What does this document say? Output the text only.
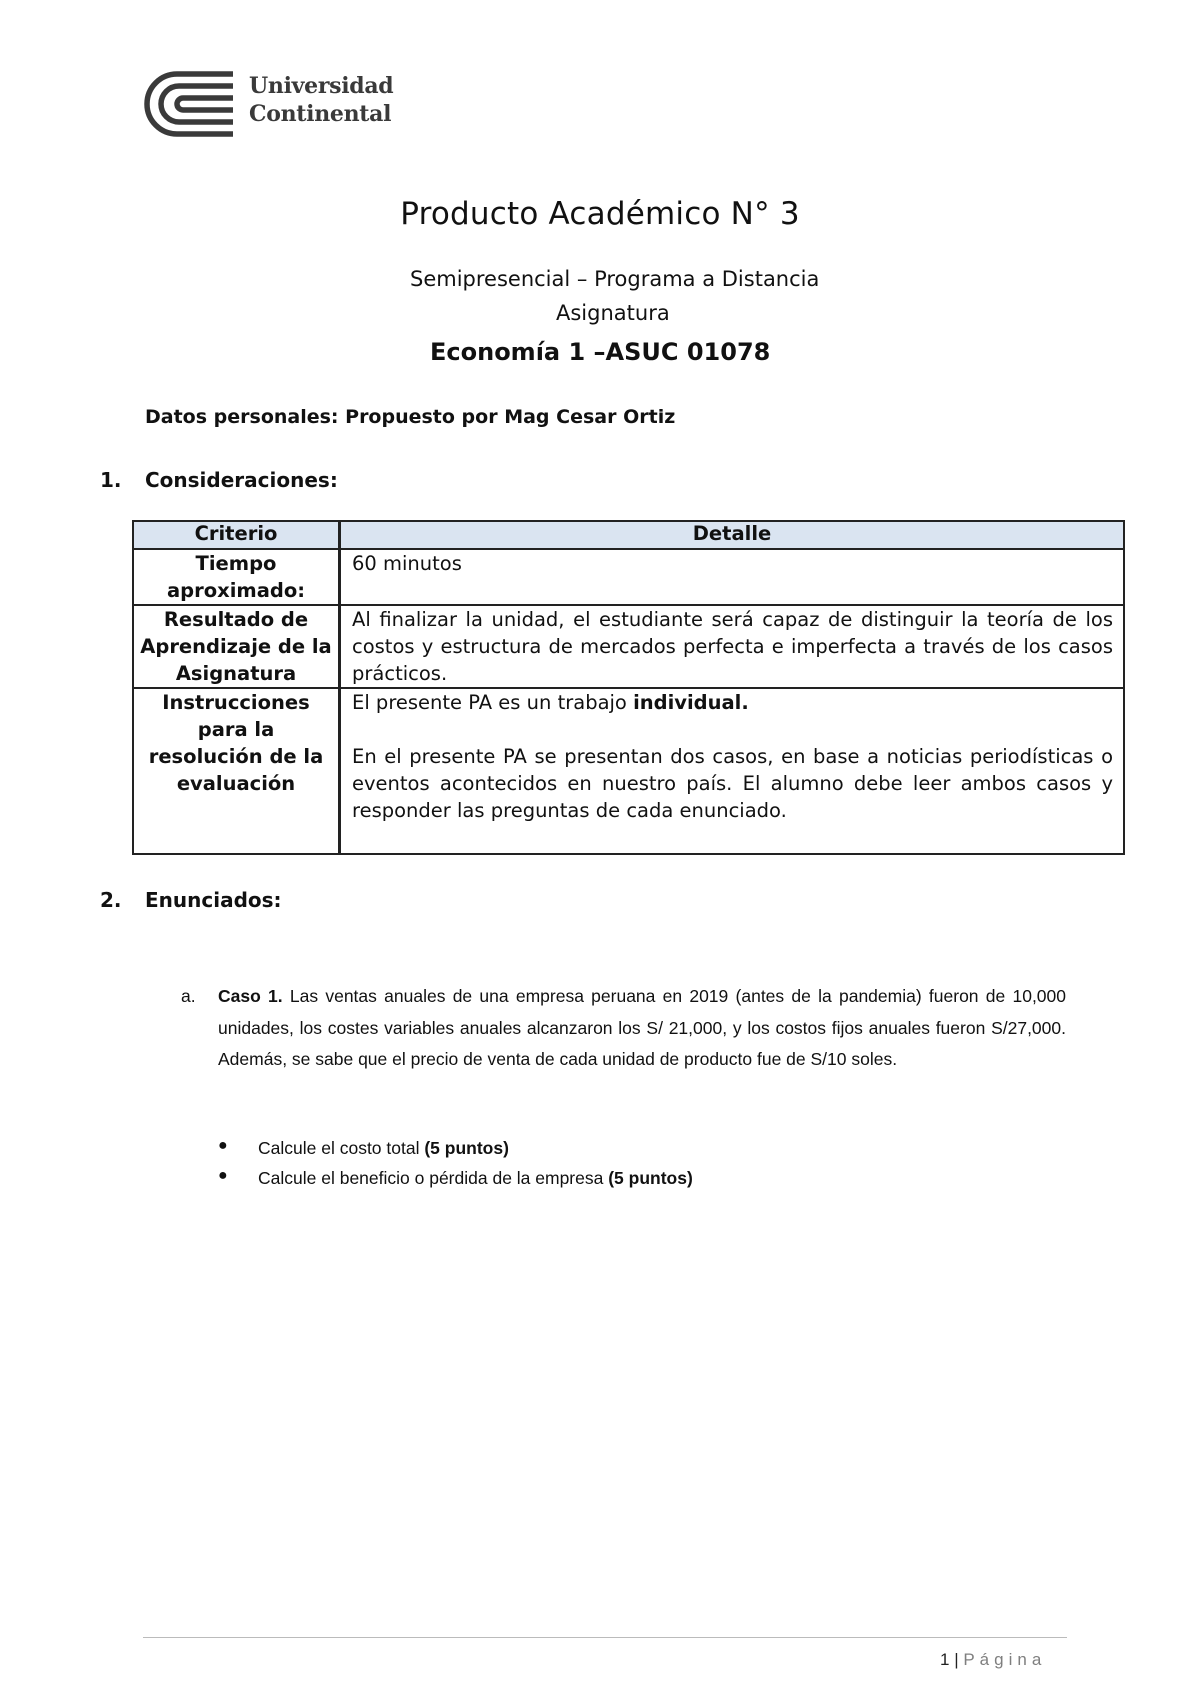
Universidad
Continental
Producto Académico N° 3
Semipresencial – Programa a Distancia
Asignatura
Economía 1 –ASUC 01078
Datos personales: Propuesto por Mag Cesar Ortiz
1. Consideraciones:
Criterio	Detalle
Tiempo aproximado:	60 minutos
Resultado de Aprendizaje de la Asignatura	Al finalizar la unidad, el estudiante será capaz de distinguir la teoría de los costos y estructura de mercados perfecta e imperfecta a través de los casos prácticos.
Instrucciones para la resolución de la evaluación	El presente PA es un trabajo individual.

En el presente PA se presentan dos casos, en base a noticias periodísticas o eventos acontecidos en nuestro país. El alumno debe leer ambos casos y responder las preguntas de cada enunciado.

2. Enunciados:
a. Caso 1. Las ventas anuales de una empresa peruana en 2019 (antes de la pandemia) fueron de 10,000 unidades, los costes variables anuales alcanzaron los S/ 21,000, y los costos fijos anuales fueron S/27,000. Además, se sabe que el precio de venta de cada unidad de producto fue de S/10 soles.
● Calcule el costo total (5 puntos)
● Calcule el beneficio o pérdida de la empresa (5 puntos)
1 | Página
